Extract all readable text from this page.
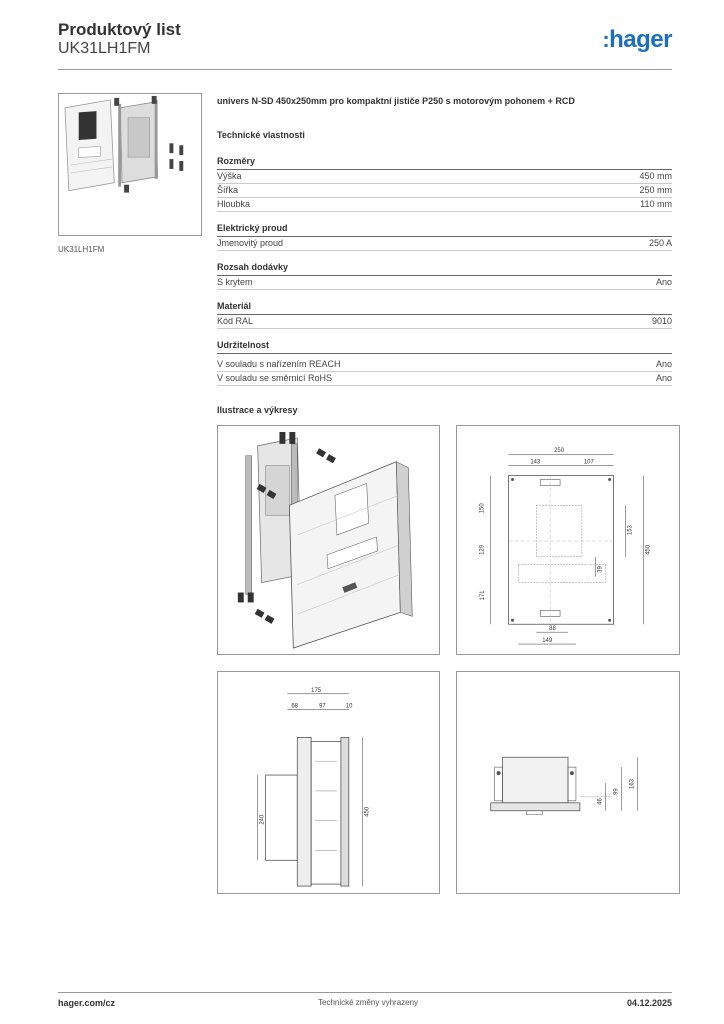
Produktový list
UK31LH1FM	:hager
UK31LH1FM
univers N-SD 450x250mm pro kompaktní jističe P250 s motorovým pohonem + RCD
Technické vlastnosti
Rozměry
Výška	450 mm
Šířka	250 mm
Hloubka	110 mm
Elektrický proud
Jmenovitý proud	250 A
Rozsah dodávky
S krytem	Ano
Materiál
Kód RAL	9010
Udržitelnost
V souladu s nařízením REACH	Ano
V souladu se směrnicí RoHS	Ano
Ilustrace a výkresy
250
143	107
150
129
171
153
39
450
88
149
175
68	97	10
240
450
46
99
163
hager.com/cz	Technické změny vyhrazeny	04.12.2025
